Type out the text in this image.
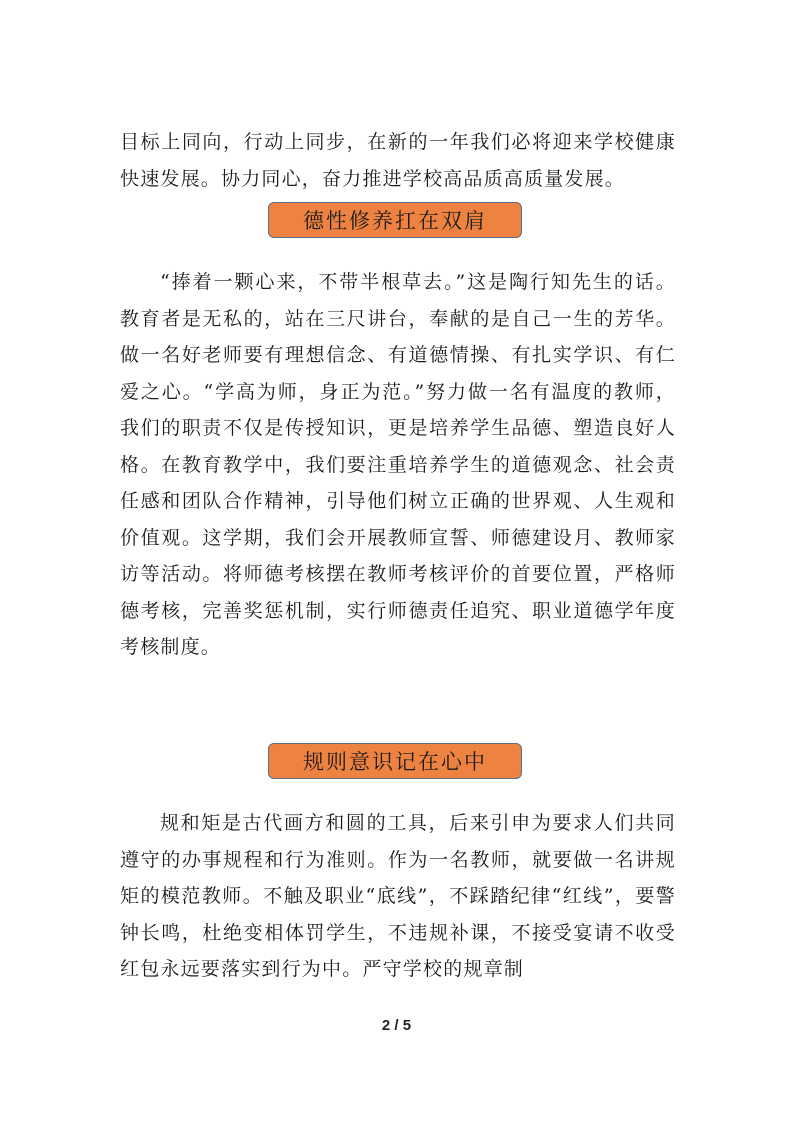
目标上同向，行动上同步，在新的一年我们必将迎来学校健康快速发展。协力同心，奋力推进学校高品质高质量发展。

德性修养扛在双肩

“捧着一颗心来，不带半根草去。”这是陶行知先生的话。教育者是无私的，站在三尺讲台，奉献的是自己一生的芳华。做一名好老师要有理想信念、有道德情操、有扎实学识、有仁爱之心。“学高为师，身正为范。”努力做一名有温度的教师，我们的职责不仅是传授知识，更是培养学生品德、塑造良好人格。在教育教学中，我们要注重培养学生的道德观念、社会责任感和团队合作精神，引导他们树立正确的世界观、人生观和价值观。这学期，我们会开展教师宣誓、师德建设月、教师家访等活动。将师德考核摆在教师考核评价的首要位置，严格师德考核，完善奖惩机制，实行师德责任追究、职业道德学年度考核制度。

规则意识记在心中

规和矩是古代画方和圆的工具，后来引申为要求人们共同遵守的办事规程和行为准则。作为一名教师，就要做一名讲规矩的模范教师。不触及职业“底线”，不踩踏纪律“红线”，要警钟长鸣，杜绝变相体罚学生，不违规补课，不接受宴请不收受红包永远要落实到行为中。严守学校的规章制

2 / 5
